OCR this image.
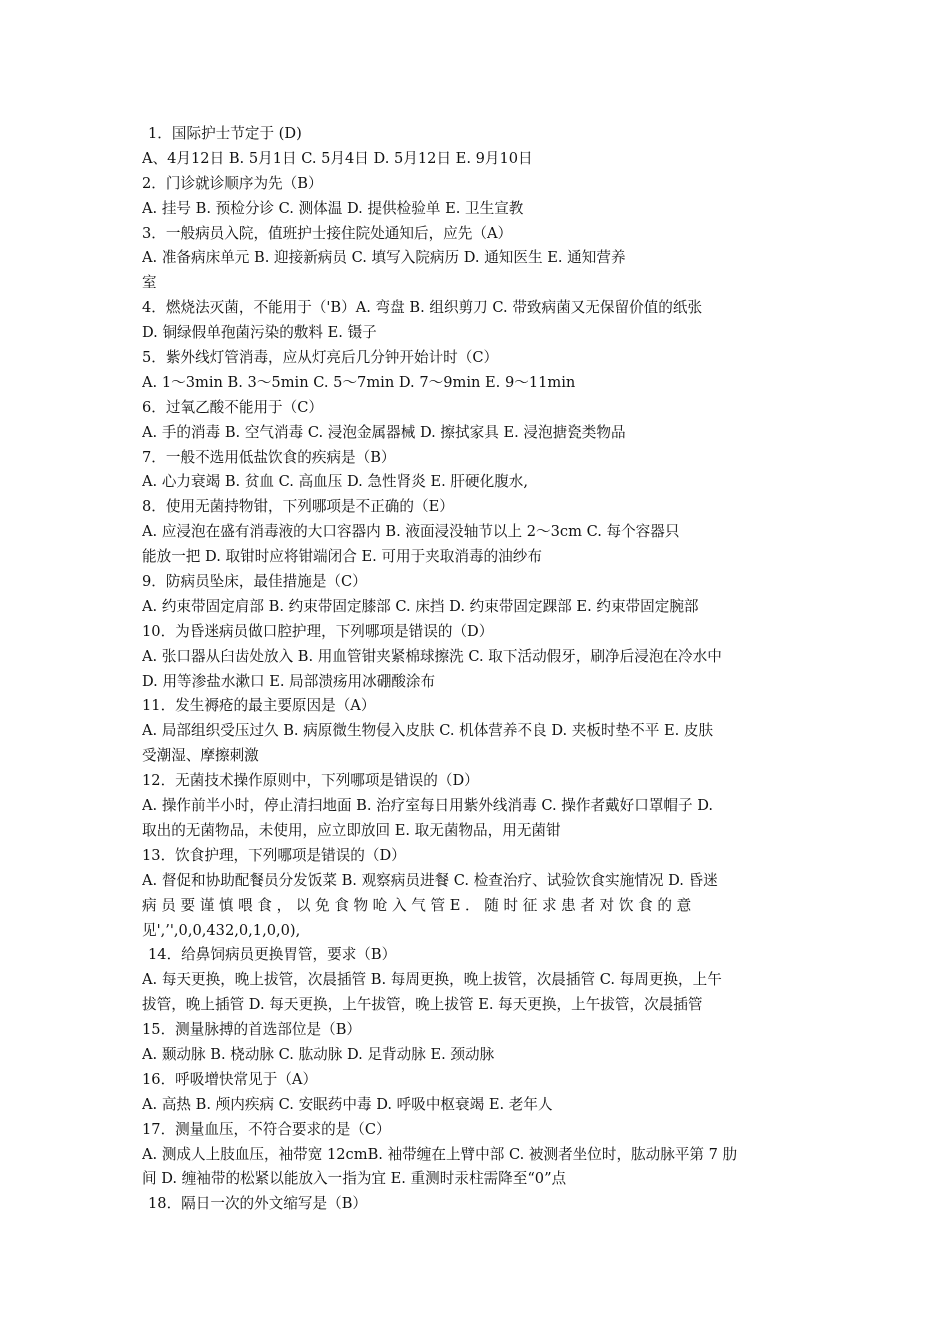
1．国际护士节定于 (D)
A、4月12日 B. 5月1日 C. 5月4日 D. 5月12日 E. 9月10日
2．门诊就诊顺序为先（B）
A. 挂号 B. 预检分诊 C. 测体温 D. 提供检验单 E. 卫生宣教
3．一般病员入院，值班护士接住院处通知后，应先（A）
A. 准备病床单元 B. 迎接新病员 C. 填写入院病历 D. 通知医生 E. 通知营养
室
4．燃烧法灭菌，不能用于（'B）A. 弯盘 B. 组织剪刀 C. 带致病菌又无保留价值的纸张
D. 铜绿假单孢菌污染的敷料 E. 镊子
5．紫外线灯管消毒，应从灯亮后几分钟开始计时（C）
A. 1～3min B. 3～5min C. 5～7min D. 7～9min E. 9～11min
6．过氧乙酸不能用于（C）
A. 手的消毒 B. 空气消毒 C. 浸泡金属器械 D. 擦拭家具 E. 浸泡搪瓷类物品
7．一般不选用低盐饮食的疾病是（B）
A. 心力衰竭 B. 贫血 C. 高血压 D. 急性肾炎 E. 肝硬化腹水,
8．使用无菌持物钳，下列哪项是不正确的（E）
A. 应浸泡在盛有消毒液的大口容器内 B. 液面浸没轴节以上 2～3cm C. 每个容器只
能放一把 D. 取钳时应将钳端闭合 E. 可用于夹取消毒的油纱布
9．防病员坠床，最佳措施是（C）
A. 约束带固定肩部 B. 约束带固定膝部 C. 床挡 D. 约束带固定踝部 E. 约束带固定腕部
10．为昏迷病员做口腔护理，下列哪项是错误的（D）
A. 张口器从臼齿处放入 B. 用血管钳夹紧棉球擦洗 C. 取下活动假牙，刷净后浸泡在冷水中
D. 用等渗盐水漱口 E. 局部溃疡用冰硼酸涂布
11．发生褥疮的最主要原因是（A）
A. 局部组织受压过久 B. 病原微生物侵入皮肤 C. 机体营养不良 D. 夹板时垫不平 E. 皮肤
受潮湿、摩擦刺激
12．无菌技术操作原则中，下列哪项是错误的（D）
A. 操作前半小时，停止清扫地面 B. 治疗室每日用紫外线消毒 C. 操作者戴好口罩帽子 D.
取出的无菌物品，未使用，应立即放回 E. 取无菌物品，用无菌钳
13．饮食护理，下列哪项是错误的（D）
A. 督促和协助配餐员分发饭菜 B. 观察病员进餐 C. 检查治疗、试验饮食实施情况 D. 昏迷
病 员 要 谨 慎 喂 食 ， 以 免 食 物 呛 入 气 管 E ． 随 时 征 求 患 者 对 饮 食 的 意
见',’',0,0,432,0,1,0,0),
14．给鼻饲病员更换胃管，要求（B）
A. 每天更换，晚上拔管，次晨插管 B. 每周更换，晚上拔管，次晨插管 C. 每周更换，上午
拔管，晚上插管 D. 每天更换，上午拔管，晚上拔管 E. 每天更换，上午拔管，次晨插管
15．测量脉搏的首选部位是（B）
A. 颞动脉 B. 桡动脉 C. 肱动脉 D. 足背动脉 E. 颈动脉
16．呼吸增快常见于（A）
A. 高热 B. 颅内疾病 C. 安眠药中毒 D. 呼吸中枢衰竭 E. 老年人
17．测量血压，不符合要求的是（C）
A. 测成人上肢血压，袖带宽 12cmB. 袖带缠在上臂中部 C. 被测者坐位时，肱动脉平第 7 肋
间 D. 缠袖带的松紧以能放入一指为宜 E. 重测时汞柱需降至“0”点
18．隔日一次的外文缩写是（B）
